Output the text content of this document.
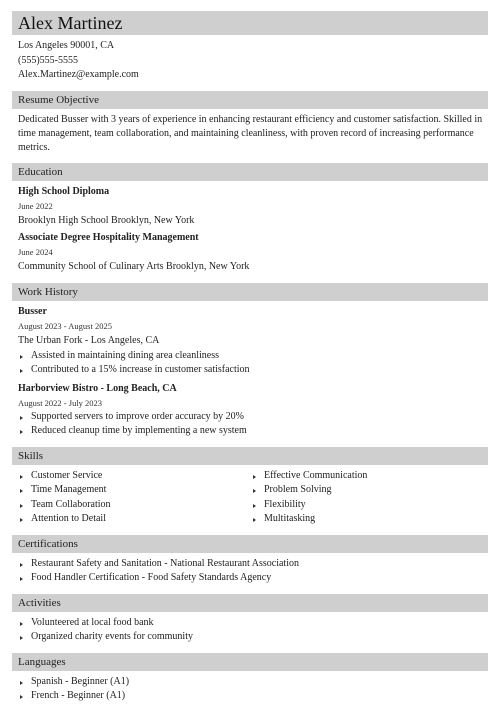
Alex Martinez
Los Angeles 90001, CA
(555)555-5555
Alex.Martinez@example.com
Resume Objective
Dedicated Busser with 3 years of experience in enhancing restaurant efficiency and customer satisfaction. Skilled in time management, team collaboration, and maintaining cleanliness, with proven record of increasing performance metrics.
Education
High School Diploma
June 2022
Brooklyn High School Brooklyn, New York
Associate Degree Hospitality Management
June 2024
Community School of Culinary Arts Brooklyn, New York
Work History
Busser
August 2023 - August 2025
The Urban Fork - Los Angeles, CA
Assisted in maintaining dining area cleanliness
Contributed to a 15% increase in customer satisfaction
Harborview Bistro - Long Beach, CA
August 2022 - July 2023
Supported servers to improve order accuracy by 20%
Reduced cleanup time by implementing a new system
Skills
Customer Service
Time Management
Team Collaboration
Attention to Detail
Effective Communication
Problem Solving
Flexibility
Multitasking
Certifications
Restaurant Safety and Sanitation - National Restaurant Association
Food Handler Certification - Food Safety Standards Agency
Activities
Volunteered at local food bank
Organized charity events for community
Languages
Spanish - Beginner (A1)
French - Beginner (A1)
